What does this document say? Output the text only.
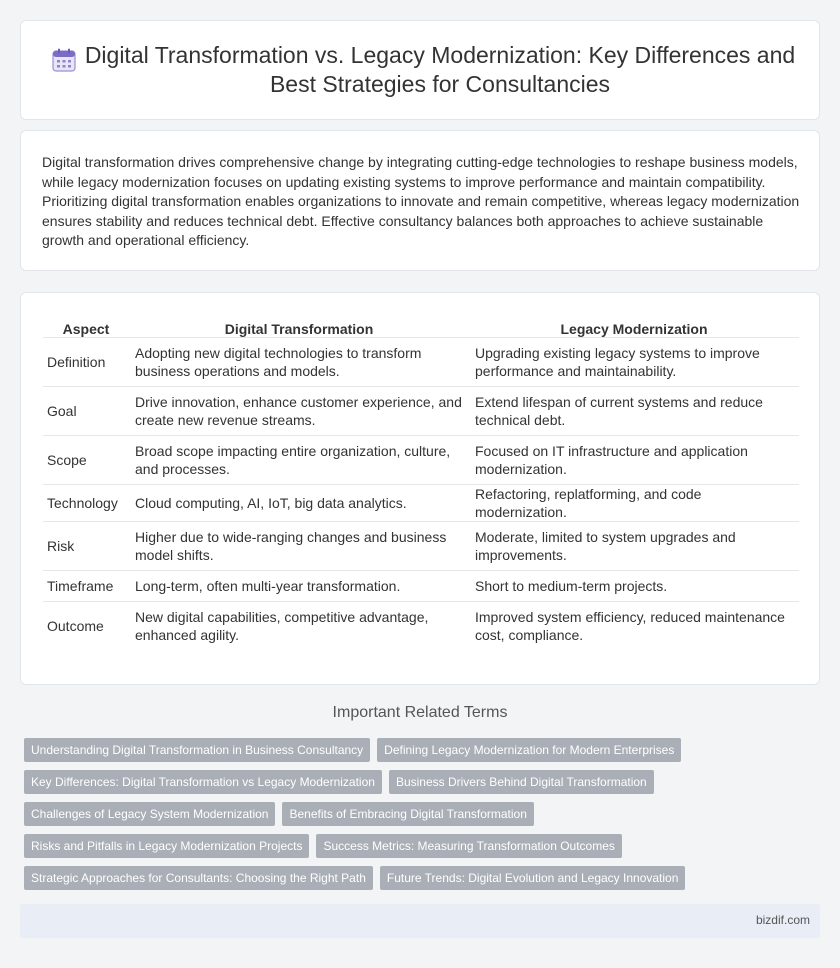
Digital Transformation vs. Legacy Modernization: Key Differences and Best Strategies for Consultancies

Digital transformation drives comprehensive change by integrating cutting-edge technologies to reshape business models, while legacy modernization focuses on updating existing systems to improve performance and maintain compatibility. Prioritizing digital transformation enables organizations to innovate and remain competitive, whereas legacy modernization ensures stability and reduces technical debt. Effective consultancy balances both approaches to achieve sustainable growth and operational efficiency.

Aspect	Digital Transformation	Legacy Modernization
Definition	Adopting new digital technologies to transform business operations and models.	Upgrading existing legacy systems to improve performance and maintainability.
Goal	Drive innovation, enhance customer experience, and create new revenue streams.	Extend lifespan of current systems and reduce technical debt.
Scope	Broad scope impacting entire organization, culture, and processes.	Focused on IT infrastructure and application modernization.
Technology	Cloud computing, AI, IoT, big data analytics.	Refactoring, replatforming, and code modernization.
Risk	Higher due to wide-ranging changes and business model shifts.	Moderate, limited to system upgrades and improvements.
Timeframe	Long-term, often multi-year transformation.	Short to medium-term projects.
Outcome	New digital capabilities, competitive advantage, enhanced agility.	Improved system efficiency, reduced maintenance cost, compliance.
Important Related Terms
Understanding Digital Transformation in Business Consultancy	Defining Legacy Modernization for Modern Enterprises
Key Differences: Digital Transformation vs Legacy Modernization	Business Drivers Behind Digital Transformation
Challenges of Legacy System Modernization	Benefits of Embracing Digital Transformation
Risks and Pitfalls in Legacy Modernization Projects	Success Metrics: Measuring Transformation Outcomes
Strategic Approaches for Consultants: Choosing the Right Path	Future Trends: Digital Evolution and Legacy Innovation
bizdif.com
